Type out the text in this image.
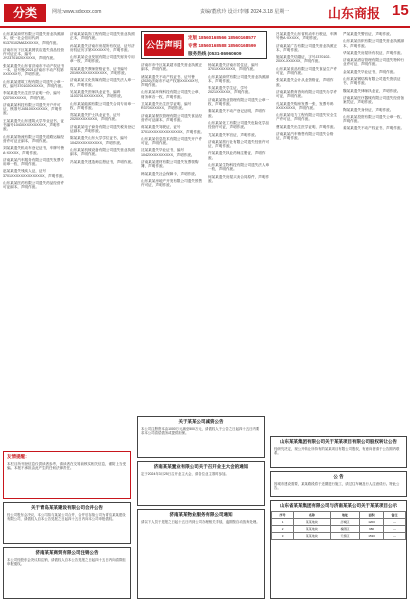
分类	网址:www.sdxxxx.com	责编/董欣玲 设计/李娜 2024.3.18 星期一	山东商报 15

山东某某商贸有限公司遗失营业执照副本，统一社会信用代码91370102MA3XXXXX，声明作废。

济南市历下区某某餐饮店遗失食品经营许可证正本，编号JY23701020XXXXX，声明作废。

张某某遗失山东省济南市不动产权证书一本，证号鲁(2021)济南市不动产权第XXXXXX号，声明作废。

山东某某建筑工程有限公司遗失公章一枚，编号3701020XXXXX，声明作废。

李某某遗失出生医学证明一份，编号Q370XXXXXX，声明作废。

济南某某科技有限公司遗失开户许可证，核准号J4510XXXXXXX，声明作废。

王某某遗失山东建筑大学毕业证书，证书编号1043XXXXXXXXXX，声明作废。

山东某某物流有限公司遗失道路运输经营许可证正副本，声明作废。

刘某某遗失机动车登记证书，车牌号鲁A·XXXXX，声明作废。

济南某某汽车服务有限公司遗失发票专用章一枚，声明作废。

赵某某遗失残疾人证，证号3701XXXXXXXXXXXXXX，声明作废。

山东某某医药有限公司遗失药品经营许可证副本，声明作废。

济南某某装饰工程有限公司遗失营业执照正本，声明作废。

孙某某遗失济南市房屋所有权证，证号济房权证历字第XXXXXX号，声明作废。

山东某某农业发展有限公司遗失财务专用章一枚，声明作废。

周某某遗失教师资格证书，证书编号2019XXXXXXXXXXXX，声明作废。

济南某某文化传媒有限公司遗失法人章一枚，声明作废。

吴某某遗失医师执业证书，编码1103701XXXXXXXX，声明作废。

山东某某能源有限公司遗失合同专用章一枚，声明作废。

郑某某遗失护士执业证书，证号2020XXXXXXXX，声明作废。

济南某某电子商务有限公司遗失税务登记证副本，声明作废。

陈某某遗失山东大学学位证书，编号1042XXXXXXXXXX，声明作废。

山东某某机械设备有限公司遗失营业执照副本，声明作废。

冯某某遗失建造师注册证书，声明作废。

公告声明
定版 18560168566 18560168577
专营 18560168588 18560168599
服务热线 (0531-86960609

济南市市中区某某超市遗失营业执照正副本，声明作废。

褚某某遗失不动产权证书，证号鲁(2020)济南市不动产权第XXXXXX号，声明作废。

山东某某环保科技有限公司遗失公章、财务章各一枚，声明作废。

卫某某遗失出生医学证明，编号R370XXXXXX，声明作废。

济南某某餐饮管理有限公司遗失食品经营许可证副本，声明作废。

蒋某某遗失驾驶证，证号3701XXXXXXXXXXXXXX，声明作废。

山东某某信息技术有限公司遗失开户许可证，声明作废。

沈某某遗失毕业证书，编号1042XXXXXXXXXX，声明作废。

济南某某建材有限公司遗失发票领购簿，声明作废。

韩某某遗失社会保障卡，声明作废。

山东某某房地产开发有限公司遗失预售许可证，声明作废。

杨某某遗失济南市居住证，编号3701XXXXXXXX，声明作废。

山东某某商贸有限公司遗失营业执照副本，声明作废。

朱某某遗失学生证，学号2021XXXXXX，声明作废。

济南某某物业管理有限公司遗失公章一枚，声明作废。

秦某某遗失不动产登记证明，声明作废。

山东某某化工有限公司遗失危险化学品经营许可证，声明作废。

尤某某遗失军官证，声明作废。

济南某某旅行社有限公司遗失经营许可证，声明作废。

许某某遗失执业药师注册证，声明作废。

山东某某生物科技有限公司遗失法人章一枚，声明作废。

何某某遗失房屋买卖合同原件，声明作废。

吕某某遗失山东省机动车行驶证，车牌号鲁A·XXXXX，声明作废。

济南某某广告有限公司遗失营业执照正本，声明作废。

施某某遗失结婚证，字号J370102-20XX-XXXXXX，声明作废。

山东某某食品有限公司遗失食品生产许可证，声明作废。

张某某遗失会计从业资格证，声明作废。

济南某某教育咨询有限公司遗失办学许可证，声明作废。

孔某某遗失购房发票一张，发票号码XXXXXXXX，声明作废。

山东某某电力工程有限公司遗失安全生产许可证，声明作废。

曹某某遗失出生医学证明，声明作废。

济南某某汽车销售有限公司遗失合格证，声明作废。

严某某遗失警官证，声明作废。

山东某某纺织有限公司遗失营业执照副本，声明作废。

华某某遗失房屋所有权证，声明作废。

济南某某酒店管理有限公司遗失特种行业许可证，声明作废。

金某某遗失毕业证书，声明作废。

山东某某钢结构有限公司遗失资质证书，声明作废。

魏某某遗失律师执业证，声明作废。

济南某某医疗器械有限公司遗失经营备案凭证，声明作废。

陶某某遗失身份证，声明作废。

山东某某投资有限公司遗失公章一枚，声明作废。

姜某某遗失不动产权证书，声明作废。

友情提醒：

本栏目所刊登信息仅供读者参考，请读者在交易前核实相关信息，谨防上当受骗。本报不承担由此产生的任何法律责任。

关于青岛某某建设有限公司合并公告

经公司股东会决议，本公司拟与某某公司合并，合并后存续公司为青岛某某建设有限公司，请债权人自本公告见报之日起四十五日内向本公司申报债权。

济南某某商贸有限公司注销公告

本公司经股东会决议拟注销，请债权人自本公告见报之日起四十五日内向清算组申报债权。

关于某某公司减资公告

本公司注册资本由1000万元减至500万元，请债权人于公告之日起四十五日内要求本公司清偿债务或提供担保。

济南某某置业有限公司关于召开业主大会的通知

定于2024年3月25日召开业主大会，请各位业主准时参加。

济南某某物业服务有限公司通知

请以下人员于见报之日起十五日内到公司办理相关手续，逾期按自动放弃处理。

山东某某集团有限公司关于某某项目有限公司股权转让公告

经研究决定，现公开转让所持有的某某项目有限公司股权，有意向者请于公告期内联系。

公 告

因城市建设需要，某某路段将于近期进行施工，请过往车辆及行人注意绕行。特此公告。

山东省某某集团有限公司与济南某某公司关于某某项目公示
序号	名称	地址	面积	备注
1	某某地块	历城区	1200	—
2	某某地块	槐荫区	980	—
3	某某地块	天桥区	1530	—
